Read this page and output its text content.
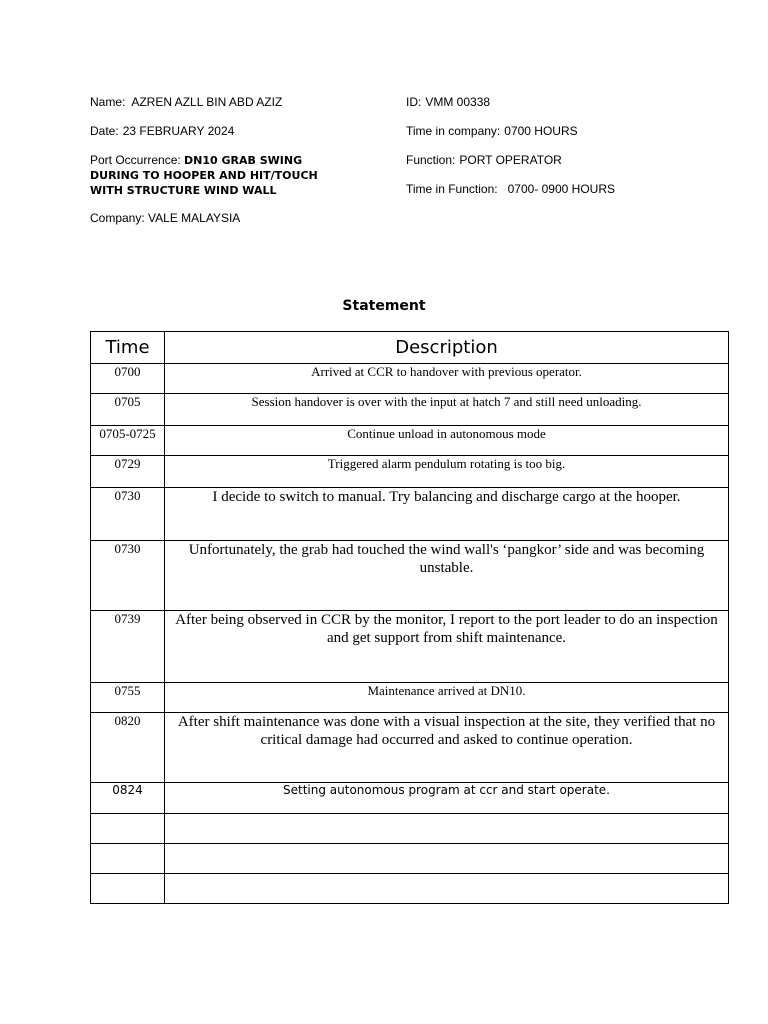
Name: AZREN AZLL BIN ABD AZIZ
Date: 23 FEBRUARY 2024
Port Occurrence: DN10 GRAB SWING DURING TO HOOPER AND HIT/TOUCH WITH STRUCTURE WIND WALL
Company: VALE MALAYSIA
ID: VMM 00338
Time in company: 0700 HOURS
Function: PORT OPERATOR
Time in Function: 0700- 0900 HOURS
Statement
Time	Description
0700	Arrived at CCR to handover with previous operator.
0705	Session handover is over with the input at hatch 7 and still need unloading.
0705-0725	Continue unload in autonomous mode
0729	Triggered alarm pendulum rotating is too big.
0730	I decide to switch to manual. Try balancing and discharge cargo at the hooper.
0730	Unfortunately, the grab had touched the wind wall's ‘pangkor’ side and was becoming unstable.
0739	After being observed in CCR by the monitor, I report to the port leader to do an inspection and get support from shift maintenance.
0755	Maintenance arrived at DN10.
0820	After shift maintenance was done with a visual inspection at the site, they verified that no critical damage had occurred and asked to continue operation.
0824	Setting autonomous program at ccr and start operate.
